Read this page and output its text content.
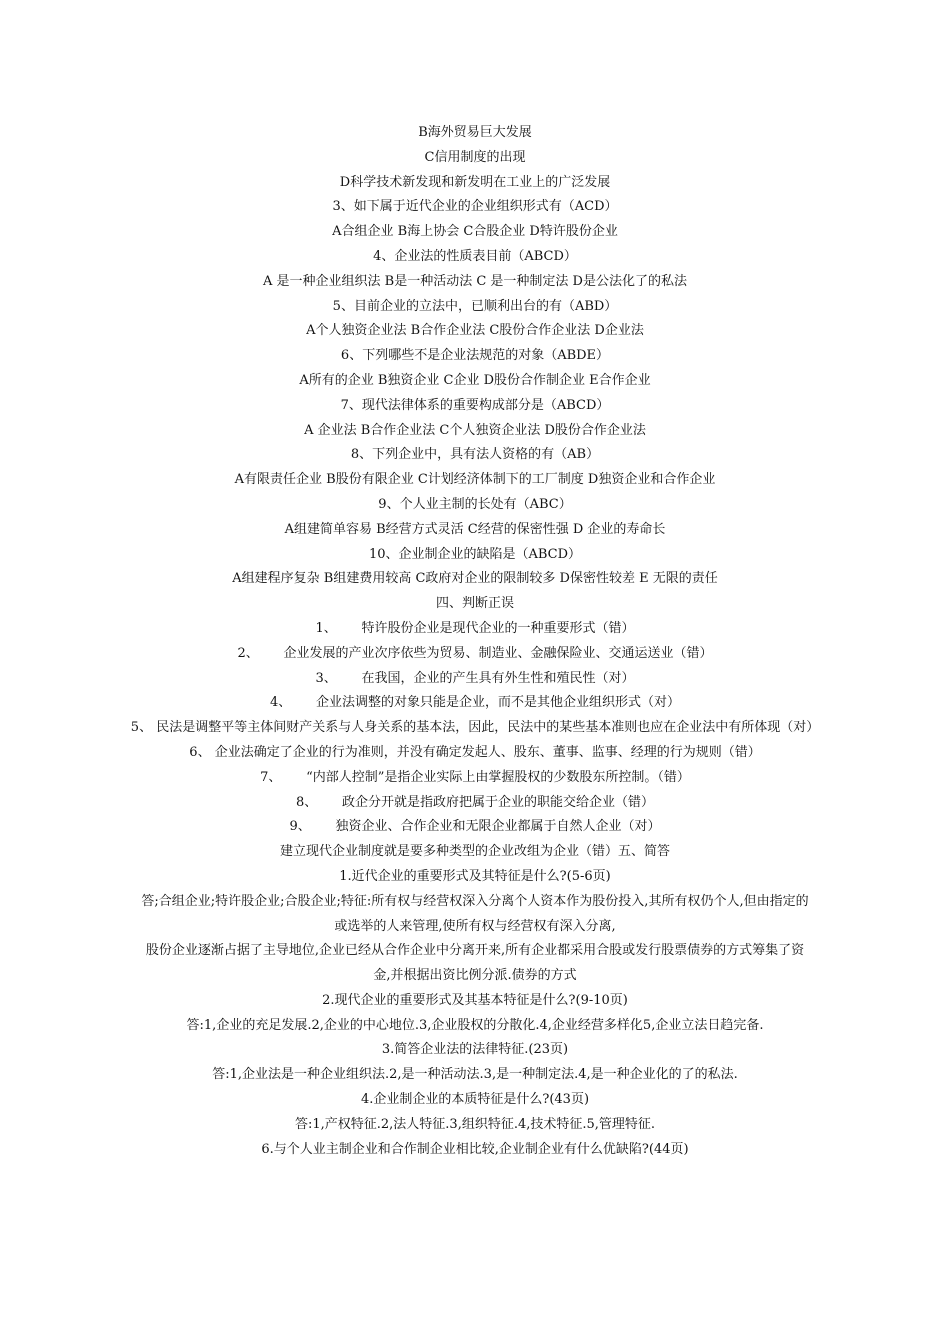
B海外贸易巨大发展

C信用制度的出现

D科学技术新发现和新发明在工业上的广泛发展

3、如下属于近代企业的企业组织形式有（ACD）

A合组企业 B海上协会 C合股企业 D特许股份企业

4、企业法的性质表目前（ABCD）

A 是一种企业组织法 B是一种活动法 C 是一种制定法 D是公法化了的私法

5、目前企业的立法中，已顺利出台的有（ABD）

A个人独资企业法 B合作企业法 C股份合作企业法 D企业法

6、下列哪些不是企业法规范的对象（ABDE）

A所有的企业 B独资企业 C企业 D股份合作制企业 E合作企业

7、现代法律体系的重要构成部分是（ABCD）

A 企业法 B合作企业法 C个人独资企业法 D股份合作企业法

8、下列企业中，具有法人资格的有（AB）

A有限责任企业 B股份有限企业 C计划经济体制下的工厂制度 D独资企业和合作企业

9、个人业主制的长处有（ABC）

A组建简单容易 B经营方式灵活 C经营的保密性强 D 企业的寿命长

10、企业制企业的缺陷是（ABCD）

A组建程序复杂 B组建费用较高 C政府对企业的限制较多 D保密性较差 E 无限的责任

四、判断正误

1、      特许股份企业是现代企业的一种重要形式（错）

2、      企业发展的产业次序依些为贸易、制造业、金融保险业、交通运送业（错）

3、      在我国，企业的产生具有外生性和殖民性（对）

4、      企业法调整的对象只能是企业，而不是其他企业组织形式（对）

5、 民法是调整平等主体间财产关系与人身关系的基本法，因此，民法中的某些基本准则也应在企业法中有所体现（对）

6、 企业法确定了企业的行为准则，并没有确定发起人、股东、董事、监事、经理的行为规则（错）

7、      “内部人控制”是指企业实际上由掌握股权的少数股东所控制。（错）

8、      政企分开就是指政府把属于企业的职能交给企业（错）

9、      独资企业、合作企业和无限企业都属于自然人企业（对）

建立现代企业制度就是要多种类型的企业改组为企业（错）五、简答

1.近代企业的重要形式及其特征是什么?(5-6页)

答;合组企业;特许股企业;合股企业;特征:所有权与经营权深入分离个人资本作为股份投入,其所有权仍个人,但由指定的或选举的人来管理,使所有权与经营权有深入分离,

股份企业逐渐占据了主导地位,企业已经从合作企业中分离开来,所有企业都采用合股或发行股票债券的方式筹集了资金,并根据出资比例分派.债券的方式

2.现代企业的重要形式及其基本特征是什么?(9-10页)

答:1,企业的充足发展.2,企业的中心地位.3,企业股权的分散化.4,企业经营多样化5,企业立法日趋完备.

3.简答企业法的法律特征.(23页)

答:1,企业法是一种企业组织法.2,是一种活动法.3,是一种制定法.4,是一种企业化的了的私法.

4.企业制企业的本质特征是什么?(43页)

答:1,产权特征.2,法人特征.3,组织特征.4,技术特征.5,管理特征.

6.与个人业主制企业和合作制企业相比较,企业制企业有什么优缺陷?(44页)
